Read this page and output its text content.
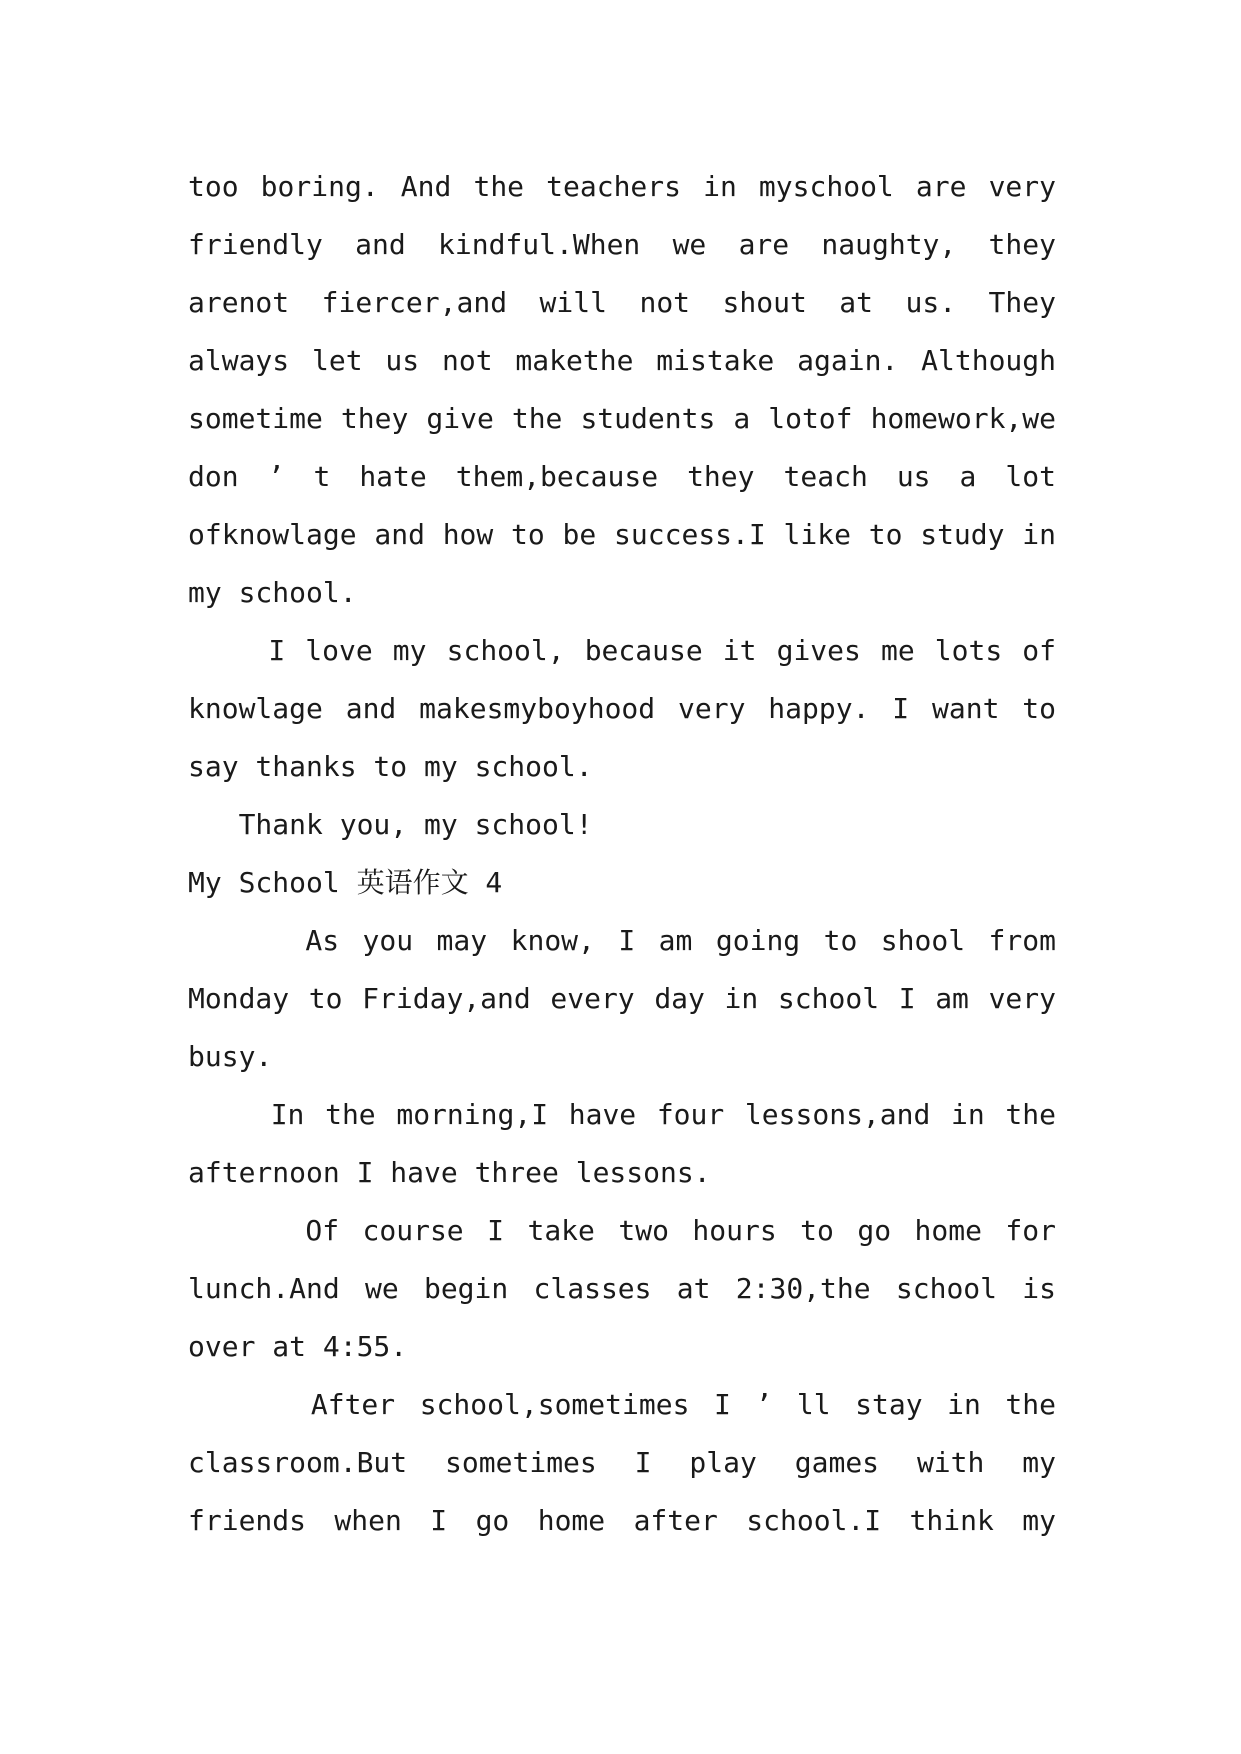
too boring. And the teachers in myschool are very
friendly and kindful.When we are naughty, they
arenot fiercer,and will not shout at us. They
always let us not makethe mistake again. Although
sometime they give the students a lotof homework,we
don ’ t hate them,because they teach us a lot
ofknowlage and how to be success.I like to study in
my school.
I love my school, because it gives me lots of
knowlage and makesmyboyhood very happy. I want to
say thanks to my school.
Thank you, my school!
My School 英语作文 4
As you may know, I am going to shool from
Monday to Friday,and every day in school I am very
busy.
In the morning,I have four lessons,and in the
afternoon I have three lessons.
Of course I take two hours to go home for
lunch.And we begin classes at 2:30,the school is
over at 4:55.
After school,sometimes I ’ ll stay in the
classroom.But sometimes I play games with my
friends when I go home after school.I think my
